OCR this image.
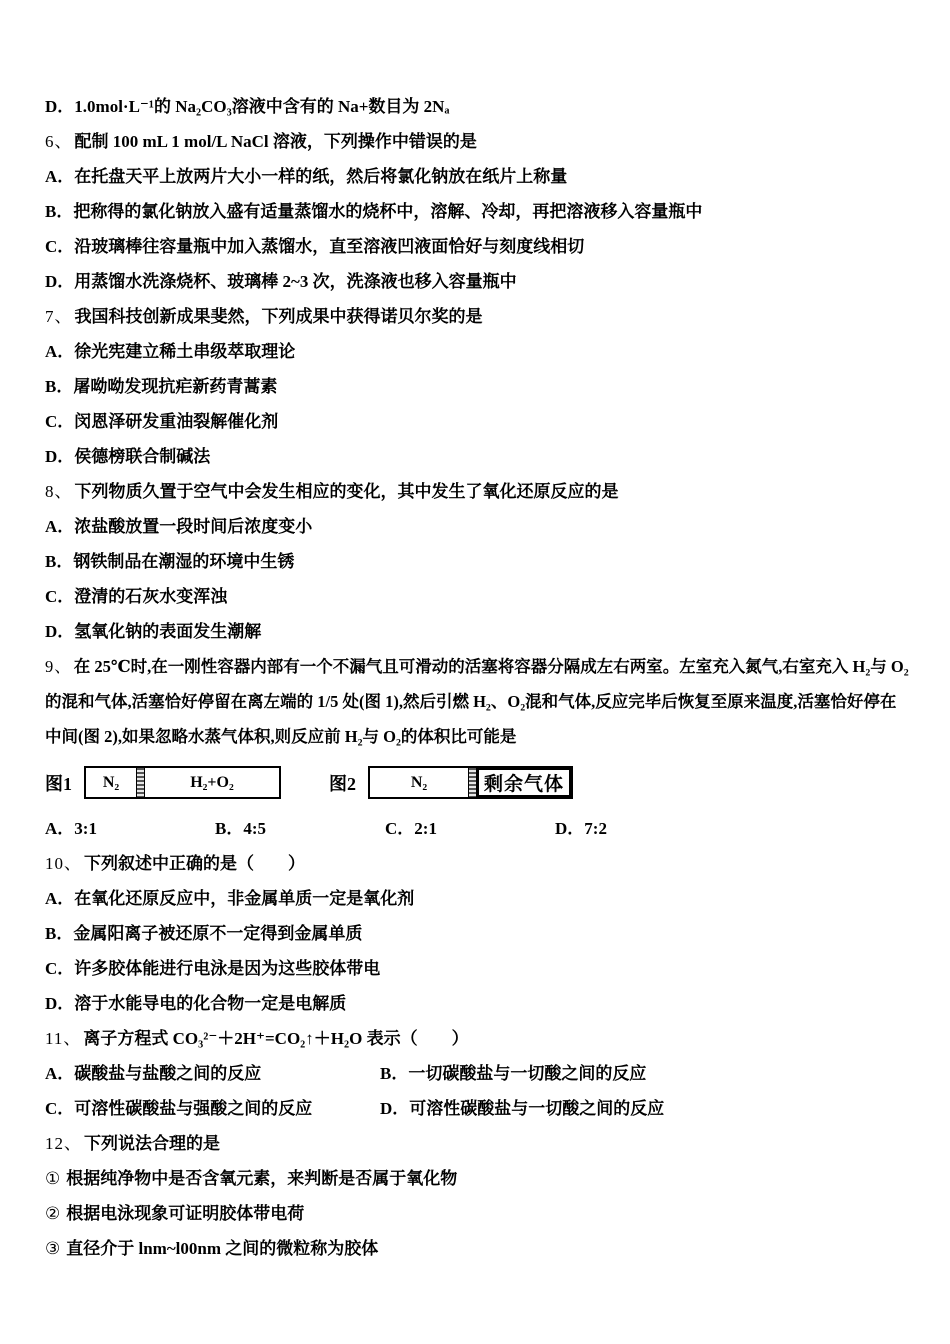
D．1.0mol·L⁻¹的 Na₂CO₃溶液中含有的 Na+数目为 2Nₐ
6、 配制 100 mL 1 mol/L NaCl 溶液，下列操作中错误的是
A．在托盘天平上放两片大小一样的纸，然后将氯化钠放在纸片上称量
B．把称得的氯化钠放入盛有适量蒸馏水的烧杯中，溶解、冷却，再把溶液移入容量瓶中
C．沿玻璃棒往容量瓶中加入蒸馏水，直至溶液凹液面恰好与刻度线相切
D．用蒸馏水洗涤烧杯、玻璃棒 2~3 次，洗涤液也移入容量瓶中
7、 我国科技创新成果斐然，下列成果中获得诺贝尔奖的是
A．徐光宪建立稀土串级萃取理论
B．屠呦呦发现抗疟新药青蒿素
C．闵恩泽研发重油裂解催化剂
D．侯德榜联合制碱法
8、 下列物质久置于空气中会发生相应的变化，其中发生了氧化还原反应的是
A．浓盐酸放置一段时间后浓度变小
B．钢铁制品在潮湿的环境中生锈
C．澄清的石灰水变浑浊
D．氢氧化钠的表面发生潮解
9、 在 25℃时,在一刚性容器内部有一个不漏气且可滑动的活塞将容器分隔成左右两室。左室充入氮气,右室充入 H₂与 O₂
的混和气体,活塞恰好停留在离左端的 1/5 处(图 1),然后引燃 H₂、O₂混和气体,反应完毕后恢复至原来温度,活塞恰好停在
中间(图 2),如果忽略水蒸气体积,则反应前 H₂与 O₂的体积比可能是
图1	N₂	H₂+O₂	图2	N₂	剩余气体
A．3:1	B．4:5	C．2:1	D．7:2
10、 下列叙述中正确的是（　　）
A．在氧化还原反应中，非金属单质一定是氧化剂
B．金属阳离子被还原不一定得到金属单质
C．许多胶体能进行电泳是因为这些胶体带电
D．溶于水能导电的化合物一定是电解质
11、 离子方程式 CO₃²⁻＋2H⁺=CO₂↑＋H₂O 表示（　　）
A．碳酸盐与盐酸之间的反应	B．一切碳酸盐与一切酸之间的反应
C．可溶性碳酸盐与强酸之间的反应	D．可溶性碳酸盐与一切酸之间的反应
12、 下列说法合理的是
① 根据纯净物中是否含氧元素，来判断是否属于氧化物
② 根据电泳现象可证明胶体带电荷
③ 直径介于 lnm~l00nm 之间的微粒称为胶体
